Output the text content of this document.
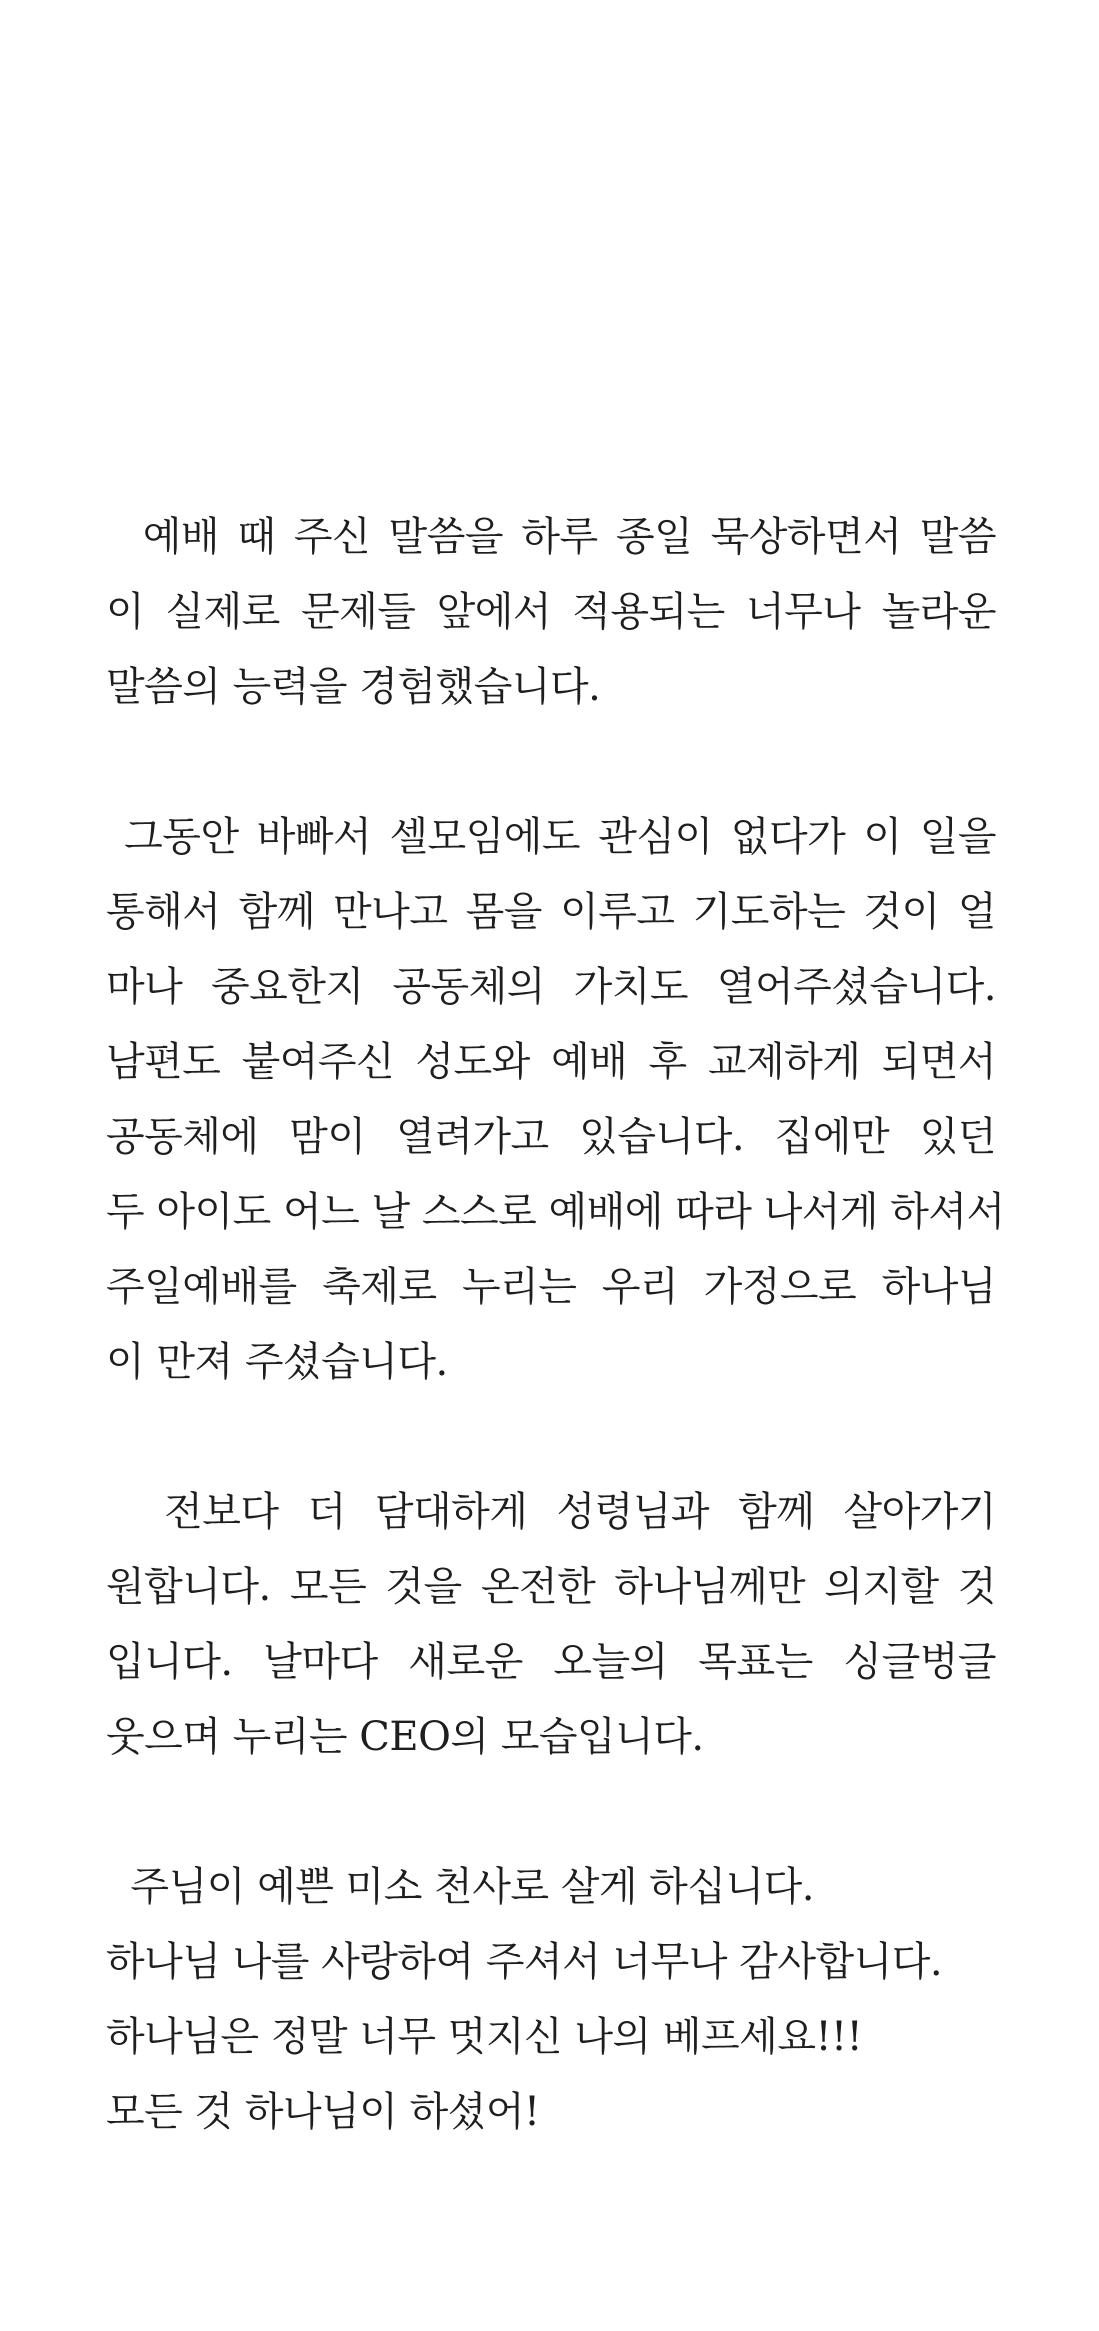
예배 때 주신 말씀을 하루 종일 묵상하면서 말씀
이 실제로 문제들 앞에서 적용되는 너무나 놀라운
말씀의 능력을 경험했습니다.
그동안 바빠서 셀모임에도 관심이 없다가 이 일을
통해서 함께 만나고 몸을 이루고 기도하는 것이 얼
마나 중요한지 공동체의 가치도 열어주셨습니다.
남편도 붙여주신 성도와 예배 후 교제하게 되면서
공동체에 맘이 열려가고 있습니다. 집에만 있던
두 아이도 어느 날 스스로 예배에 따라 나서게 하셔서
주일예배를 축제로 누리는 우리 가정으로 하나님
이 만져 주셨습니다.
전보다 더 담대하게 성령님과 함께 살아가기
원합니다. 모든 것을 온전한 하나님께만 의지할 것
입니다. 날마다 새로운 오늘의 목표는 싱글벙글
웃으며 누리는 CEO의 모습입니다.
주님이 예쁜 미소 천사로 살게 하십니다.
하나님 나를 사랑하여 주셔서 너무나 감사합니다.
하나님은 정말 너무 멋지신 나의 베프세요!!!
모든 것 하나님이 하셨어!
